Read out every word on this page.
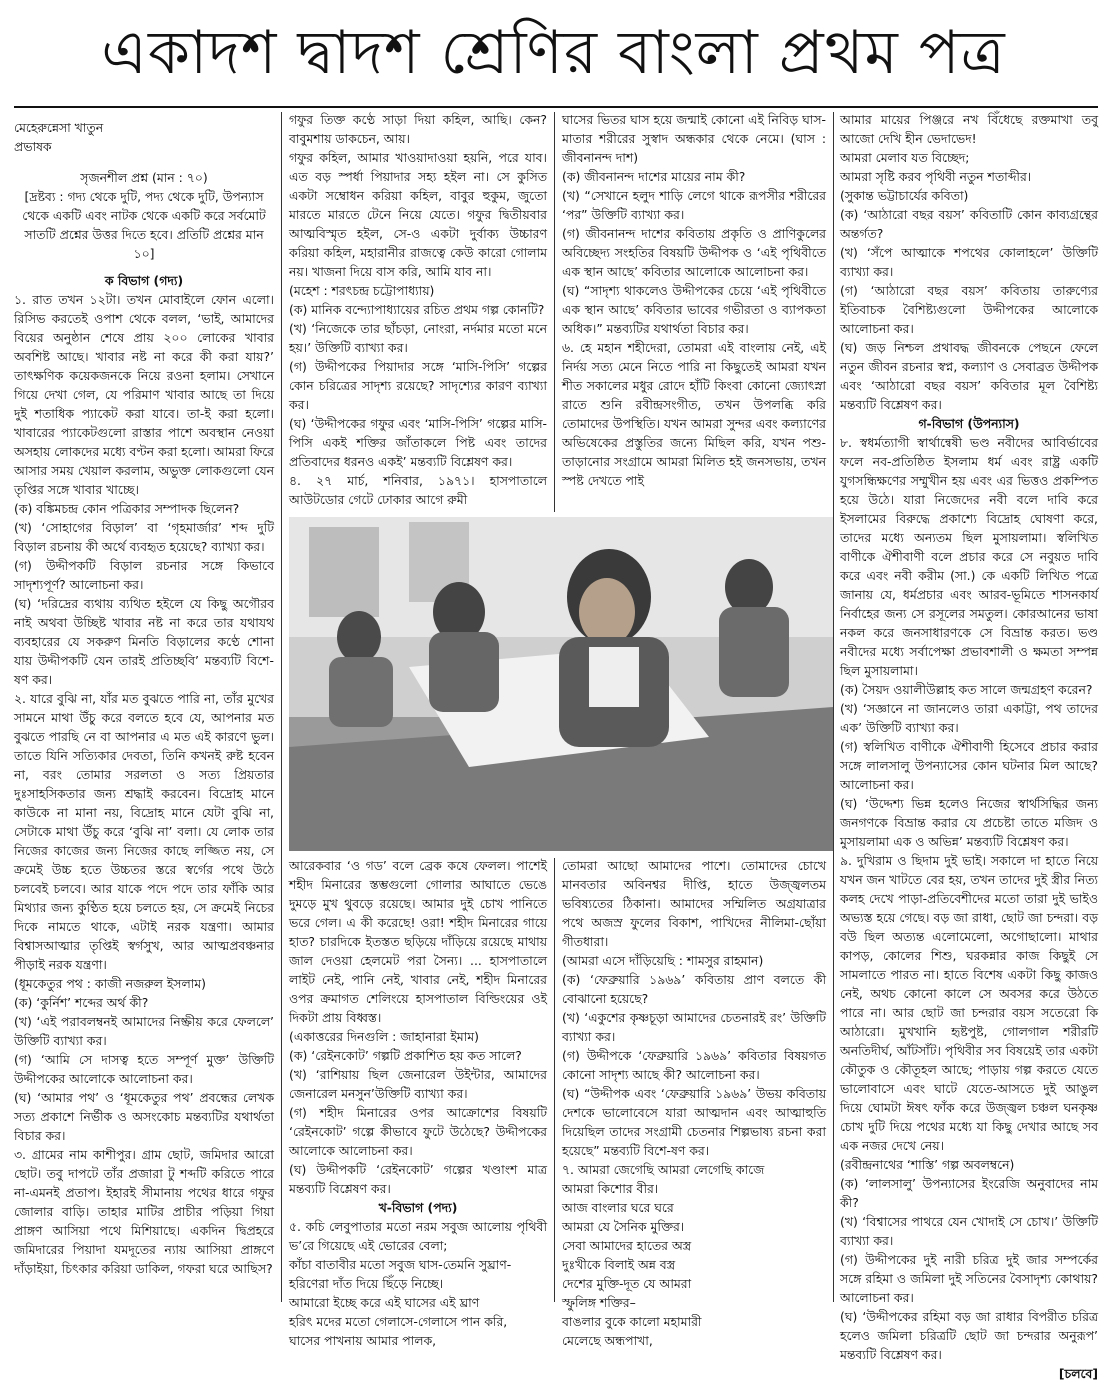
একাদশ দ্বাদশ শ্রেণির বাংলা প্রথম পত্র

মেহেরুন্নেসা খাতুন

প্রভাষক

সৃজনশীল প্রশ্ন (মান : ৭০)

[দ্রষ্টব্য : গদ্য থেকে দুটি, পদ্য থেকে দুটি, উপন্যাস থেকে একটি এবং নাটক থেকে একটি করে সর্বমোট সাতটি প্রশ্নের উত্তর দিতে হবে। প্রতিটি প্রশ্নের মান ১০]

ক বিভাগ (গদ্য)

১. রাত তখন ১২টা। তখন মোবাইলে ফোন এলো। রিসিভ করতেই ওপাশ থেকে বলল, ‘ভাই, আমাদের বিয়ের অনুষ্ঠান শেষে প্রায় ২০০ লোকের খাবার অবশিষ্ট আছে। খাবার নষ্ট না করে কী করা যায়?’ তাৎক্ষণিক কয়েকজনকে নিয়ে রওনা হলাম। সেখানে গিয়ে দেখা গেল, যে পরিমাণ খাবার আছে তা দিয়ে দুই শতাধিক প্যাকেট করা যাবে। তা-ই করা হলো। খাবারের প্যাকেটগুলো রাস্তার পাশে অবস্থান নেওয়া অসহায় লোকদের মধ্যে বণ্টন করা হলো। আমরা ফিরে আসার সময় খেয়াল করলাম, অভুক্ত লোকগুলো যেন তৃপ্তির সঙ্গে খাবার খাচ্ছে।

(ক) বঙ্কিমচন্দ্র কোন পত্রিকার সম্পাদক ছিলেন?

(খ) ‘সোহাগের বিড়াল’ বা ‘গৃহমার্জার’ শব্দ দুটি বিড়াল রচনায় কী অর্থে ব্যবহৃত হয়েছে? ব্যাখ্যা কর।

(গ) উদ্দীপকটি বিড়াল রচনার সঙ্গে কিভাবে সাদৃশ্যপূর্ণ? আলোচনা কর।

(ঘ) ‘দরিদ্রের ব্যথায় ব্যথিত হইলে যে কিছু অগৌরব নাই অথবা উচ্ছিষ্ট খাবার নষ্ট না করে তার যথাযথ ব্যবহারের যে সকরুণ মিনতি বিড়ালের কণ্ঠে শোনা যায় উদ্দীপকটি যেন তারই প্রতিচ্ছবি’ মন্তব্যটি বিশে-ষণ কর।

২. যারে বুঝি না, যাঁর মত বুঝতে পারি না, তাঁর মুখের সামনে মাথা উঁচু করে বলতে হবে যে, আপনার মত বুঝতে পারছি নে বা আপনার এ মত এই কারণে ভুল। তাতে যিনি সত্যিকার দেবতা, তিনি কখনই রুষ্ট হবেন না, বরং তোমার সরলতা ও সত্য প্রিয়তার দুঃসাহসিকতার জন্য শ্রদ্ধাই করবেন। বিদ্রোহ মানে কাউকে না মানা নয়, বিদ্রোহ মানে যেটা বুঝি না, সেটাকে মাথা উঁচু করে ‘বুঝি না’ বলা। যে লোক তার নিজের কাজের জন্য নিজের কাছে লজ্জিত নয়, সে ক্রমেই উচ্চ হতে উচ্চতর স্তরে স্বর্গের পথে উঠে চলবেই চলবে। আর যাকে পদে পদে তার ফাঁকি আর মিথ্যার জন্য কুণ্ঠিত হয়ে চলতে হয়, সে ক্রমেই নিচের দিকে নামতে থাকে, এটাই নরক যন্ত্রণা। আমার বিশ্বাসআত্মার তৃপ্তিই স্বর্গসুখ, আর আত্মপ্রবঞ্চনার পীড়াই নরক যন্ত্রণা।

(ধূমকেতুর পথ : কাজী নজরুল ইসলাম)

(ক) ‘কুর্নিশ’ শব্দের অর্থ কী?

(খ) ‘এই পরাবলম্বনই আমাদের নিষ্ক্রীয় করে ফেললে’ উক্তিটি ব্যাখ্যা কর।

(গ) ‘আমি সে দাসত্ব হতে সম্পূর্ণ মুক্ত’ উক্তিটি উদ্দীপকের আলোকে আলোচনা কর।

(ঘ) ‘আমার পথ’ ও ‘ধূমকেতুর পথ’ প্রবন্ধের লেখক সত্য প্রকাশে নির্ভীক ও অসংকোচ মন্তব্যটির যথার্থতা বিচার কর।

৩. গ্রামের নাম কাশীপুর। গ্রাম ছোট, জমিদার আরো ছোট। তবু দাপটে তাঁর প্রজারা টু শব্দটি করিতে পারে না-এমনই প্রতাপ। ইহারই সীমানায় পথের ধারে গফুর জোলার বাড়ি। তাহার মাটির প্রাচীর পড়িয়া গিয়া প্রাঙ্গণ আসিয়া পথে মিশিয়াছে। একদিন দ্বিপ্রহরে জমিদারের পিয়াদা যমদূতের ন্যায় আসিয়া প্রাঙ্গণে দাঁড়াইয়া, চিৎকার করিয়া ডাকিল, গফরা ঘরে আছিস?

গফুর তিক্ত কণ্ঠে সাড়া দিয়া কহিল, আছি। কেন? বাবুমশায় ডাকচেন, আয়।

গফুর কহিল, আমার খাওয়াদাওয়া হয়নি, পরে যাব। এত বড় স্পর্ধা পিয়াদার সহ্য হইল না। সে কুসিত একটা সম্বোধন করিয়া কহিল, বাবুর হুকুম, জুতো মারতে মারতে টেনে নিয়ে যেতে। গফুর দ্বিতীয়বার আত্মবিস্মৃত হইল, সে-ও একটা দুর্বাক্য উচ্চারণ করিয়া কহিল, মহারানীর রাজত্বে কেউ কারো গোলাম নয়। খাজনা দিয়ে বাস করি, আমি যাব না।

(মহেশ : শরৎচন্দ্র চট্টোপাধ্যায়)

(ক) মানিক বন্দ্যোপাধ্যায়ের রচিত প্রথম গল্প কোনটি?

(খ) ‘নিজেকে তার ছাঁচড়া, নোংরা, নর্দমার মতো মনে হয়।’ উক্তিটি ব্যাখ্যা কর।

(গ) উদ্দীপকের পিয়াদার সঙ্গে ‘মাসি-পিসি’ গল্পের কোন চরিত্রের সাদৃশ্য রয়েছে? সাদৃশ্যের কারণ ব্যাখ্যা কর।

(ঘ) ‘উদ্দীপকের গফুর এবং ‘মাসি-পিসি’ গল্পের মাসি-পিসি একই শক্তির জাঁতাকলে পিষ্ট এবং তাদের প্রতিবাদের ধরনও একই’ মন্তব্যটি বিশ্লেষণ কর।

৪. ২৭ মার্চ, শনিবার, ১৯৭১। হাসপাতালে আউটডোর গেটে ঢোকার আগে রুমী

ঘাসের ভিতর ঘাস হয়ে জন্মাই কোনো এই নিবিড় ঘাস-মাতার শরীরের সুস্বাদ অন্ধকার থেকে নেমে। (ঘাস : জীবনানন্দ দাশ)

(ক) জীবনানন্দ দাশের মায়ের নাম কী?

(খ) “সেখানে হলুদ শাড়ি লেগে থাকে রূপসীর শরীরের ‘পর” উক্তিটি ব্যাখ্যা কর।

(গ) জীবনানন্দ দাশের কবিতায় প্রকৃতি ও প্রাণিকুলের অবিচ্ছেদ্য সংহতির বিষয়টি উদ্দীপক ও ‘এই পৃথিবীতে এক স্থান আছে’ কবিতার আলোকে আলোচনা কর।

(ঘ) “সাদৃশ্য থাকলেও উদ্দীপকের চেয়ে ‘এই পৃথিবীতে এক স্থান আছে’ কবিতার ভাবের গভীরতা ও ব্যাপকতা অধিক।” মন্তব্যটির যথার্থতা বিচার কর।

৬. হে মহান শহীদেরা, তোমরা এই বাংলায় নেই, এই নির্দয় সত্য মেনে নিতে পারি না কিছুতেই আমরা যখন শীত সকালের মধুর রোদে হাঁটি কিংবা কোনো জ্যোৎস্না রাতে শুনি রবীন্দ্রসংগীত, তখন উপলব্ধি করি তোমাদের উপস্থিতি। যখন আমরা সুন্দর এবং কল্যাণের অভিষেকের প্রস্তুতির জন্যে মিছিল করি, যখন পশু-তাড়ানোর সংগ্রামে আমরা মিলিত হই জনসভায়, তখন স্পষ্ট দেখতে পাই

আমার মায়ের পিঞ্জরে নখ বিঁধেছে রক্তমাখা তবু আজো দেখি হীন ভেদাভেদ!

আমরা মেলাব যত বিচ্ছেদ;

আমরা সৃষ্টি করব পৃথিবী নতুন শতাব্দীর।

(সুকান্ত ভট্টাচার্যের কবিতা)

(ক) ‘আঠারো বছর বয়স’ কবিতাটি কোন কাব্যগ্রন্থের অন্তর্গত?

(খ) ‘সঁপে আত্মাকে শপথের কোলাহলে’ উক্তিটি ব্যাখ্যা কর।

(গ) ‘আঠারো বছর বয়স’ কবিতায় তারুণ্যের ইতিবাচক বৈশিষ্ট্যগুলো উদ্দীপকের আলোকে আলোচনা কর।

(ঘ) জড় নিশ্চল প্রথাবদ্ধ জীবনকে পেছনে ফেলে নতুন জীবন রচনার স্বপ্ন, কল্যাণ ও সেবাব্রত উদ্দীপক এবং ‘আঠারো বছর বয়স’ কবিতার মূল বৈশিষ্ট্য মন্তব্যটি বিশ্লেষণ কর।

গ-বিভাগ (উপন্যাস)

৮. স্বধর্মত্যাগী স্বার্থান্বেষী ভণ্ড নবীদের আবির্ভাবের ফলে নব-প্রতিষ্ঠিত ইসলাম ধর্ম এবং রাষ্ট্র একটি যুগসন্ধিক্ষণের সম্মুখীন হয় এবং এর ভিত্তও প্রকম্পিত হয়ে উঠে। যারা নিজেদের নবী বলে দাবি করে ইসলামের বিরুদ্ধে প্রকাশ্যে বিদ্রোহ ঘোষণা করে, তাদের মধ্যে অন্যতম ছিল মুসায়লামা। স্বলিখিত বাণীকে ঐশীবাণী বলে প্রচার করে সে নবুয়ত দাবি করে এবং নবী করীম (সা.) কে একটি লিখিত পত্রে জানায় যে, ধর্মপ্রচার এবং আরব-ভূমিতে শাসনকার্য নির্বাহের জন্য সে রসূলের সমতুল। কোরআনের ভাষা নকল করে জনসাধারণকে সে বিভ্রান্ত করত। ভণ্ড নবীদের মধ্যে সর্বাপেক্ষা প্রভাবশালী ও ক্ষমতা সম্পন্ন ছিল মুসায়লামা।

(ক) সৈয়দ ওয়ালীউল্লাহ কত সালে জন্মগ্রহণ করেন?

(খ) ‘সজ্ঞানে না জানলেও তারা একাট্টা, পথ তাদের এক’ উক্তিটি ব্যাখ্যা কর।

(গ) স্বলিখিত বাণীকে ঐশীবাণী হিসেবে প্রচার করার সঙ্গে লালসালু উপন্যাসের কোন ঘটনার মিল আছে? আলোচনা কর।

(ঘ) ‘উদ্দেশ্য ভিন্ন হলেও নিজের স্বার্থসিদ্ধির জন্য জনগণকে বিভ্রান্ত করার যে প্রচেষ্টা তাতে মজিদ ও মুসায়লামা এক ও অভিন্ন’ মন্তব্যটি বিশ্লেষণ কর।

৯. দুখিরাম ও ছিদাম দুই ভাই। সকালে দা হাতে নিয়ে যখন জন খাটতে বের হয়, তখন তাদের দুই স্ত্রীর নিত্য কলহ দেখে পাড়া-প্রতিবেশীদের মতো তারা দুই ভাইও অভ্যস্ত হয়ে গেছে। বড় জা রাধা, ছোট জা চন্দরা। বড় বউ ছিল অত্যন্ত এলোমেলো, অগোছালো। মাথার কাপড়, কোলের শিশু, ঘরকন্নার কাজ কিছুই সে সামলাতে পারত না। হাতে বিশেষ একটা কিছু কাজও নেই, অথচ কোনো কালে সে অবসর করে উঠতে পারে না। আর ছোট জা চন্দরার বয়স সতেরো কি আঠারো। মুখখানি হৃষ্টপুষ্ট, গোলগাল শরীরটি অনতিদীর্ঘ, আঁটসাঁট। পৃথিবীর সব বিষয়েই তার একটা কৌতুক ও কৌতূহল আছে; পাড়ায় গল্প করতে যেতে ভালোবাসে এবং ঘাটে যেতে-আসতে দুই আঙুল দিয়ে ঘোমটা ঈষৎ ফাঁক করে উজ্জ্বল চঞ্চল ঘনকৃষ্ণ চোখ দুটি দিয়ে পথের মধ্যে যা কিছু দেখার আছে সব এক নজর দেখে নেয়।

(রবীন্দ্রনাথের ‘শাস্তি’ গল্প অবলম্বনে)

(ক) ‘লালসালু’ উপন্যাসের ইংরেজি অনুবাদের নাম কী?

(খ) ‘বিশ্বাসের পাথরে যেন খোদাই সে চোখ।’ উক্তিটি ব্যাখ্যা কর।

(গ) উদ্দীপকের দুই নারী চরিত্র দুই জার সম্পর্কের সঙ্গে রহিমা ও জমিলা দুই সতিনের বৈসাদৃশ্য কোথায়? আলোচনা কর।

(ঘ) ‘উদ্দীপকের রহিমা বড় জা রাধার বিপরীত চরিত্র হলেও জমিলা চরিত্রটি ছোট জা চন্দরার অনুরূপ’ মন্তব্যটি বিশ্লেষণ কর।

[চলবে]

আরেকবার ‘ও গড’ বলে ব্রেক কষে ফেলল। পাশেই শহীদ মিনারের স্তম্ভগুলো গোলার আঘাতে ভেঙে দুমড়ে মুখ থুবড়ে রয়েছে। আমার দুই চোখ পানিতে ভরে গেল। এ কী করেছে! ওরা! শহীদ মিনারের গায়ে হাত? চারদিকে ইতস্তত ছড়িয়ে দাঁড়িয়ে রয়েছে মাথায় জাল দেওয়া হেলমেট পরা সৈন্য। ... হাসপাতালে লাইট নেই, পানি নেই, খাবার নেই, শহীদ মিনারের ওপর ক্রমাগত শেলিংয়ে হাসপাতাল বিল্ডিংয়ের ওই দিকটা প্রায় বিধ্বস্ত।

(একাত্তরের দিনগুলি : জাহানারা ইমাম)

(ক) ‘রেইনকোট’ গল্পটি প্রকাশিত হয় কত সালে?

(খ) ‘রাশিয়ায় ছিল জেনারেল উইন্টার, আমাদের জেনারেল মনসুন’উক্তিটি ব্যাখ্যা কর।

(গ) শহীদ মিনারের ওপর আক্রোশের বিষয়টি ‘রেইনকোট’ গল্পে কীভাবে ফুটে উঠেছে? উদ্দীপকের আলোকে আলোচনা কর।

(ঘ) উদ্দীপকটি ‘রেইনকোট’ গল্পের খণ্ডাংশ মাত্র মন্তব্যটি বিশ্লেষণ কর।

খ-বিভাগ (পদ্য)

৫. কচি লেবুপাতার মতো নরম সবুজ আলোয় পৃথিবী ভ’রে গিয়েছে এই ভোরের বেলা;

কাঁচা বাতাবীর মতো সবুজ ঘাস-তেমনি সুঘ্রাণ-

হরিণেরা দাঁত দিয়ে ছিঁড়ে নিচ্ছে।

আমারো ইচ্ছে করে এই ঘাসের এই ঘ্রাণ

হরিৎ মদের মতো গেলাসে-গেলাসে পান করি,

ঘাসের পাখনায় আমার পালক,

তোমরা আছো আমাদের পাশে। তোমাদের চোখে মানবতার অবিনশ্বর দীপ্তি, হাতে উজ্জ্বলতম ভবিষ্যতের ঠিকানা। আমাদের সম্মিলিত অগ্রযাত্রার পথে অজস্র ফুলের বিকাশ, পাখিদের নীলিমা-ছোঁয়া গীতধারা।

(আমরা এসে দাঁড়িয়েছি : শামসুর রাহমান)

(ক) ‘ফেব্রুয়ারি ১৯৬৯’ কবিতায় প্রাণ বলতে কী বোঝানো হয়েছে?

(খ) ‘একুশের কৃষ্ণচূড়া আমাদের চেতনারই রং’ উক্তিটি ব্যাখ্যা কর।

(গ) উদ্দীপকে ‘ফেব্রুয়ারি ১৯৬৯’ কবিতার বিষয়গত কোনো সাদৃশ্য আছে কী? আলোচনা কর।

(ঘ) “উদ্দীপক এবং ‘ফেব্রুয়ারি ১৯৬৯’ উভয় কবিতায় দেশকে ভালোবেসে যারা আত্মদান এবং আত্মাহুতি দিয়েছিল তাদের সংগ্রামী চেতনার শিল্পভাষ্য রচনা করা হয়েছে” মন্তব্যটি বিশে-ষণ কর।

৭. আমরা জেগেছি আমরা লেগেছি কাজে

আমরা কিশোর বীর।

আজ বাংলার ঘরে ঘরে

আমরা যে সৈনিক মুক্তির।

সেবা আমাদের হাতের অস্ত্র

দুঃখীকে বিলাই অন্ন বস্ত্র

দেশের মুক্তি-দূত যে আমরা

স্ফুলিঙ্গ শক্তির–

বাঙলার বুকে কালো মহামারী

মেলেছে অন্ধপাখা,
